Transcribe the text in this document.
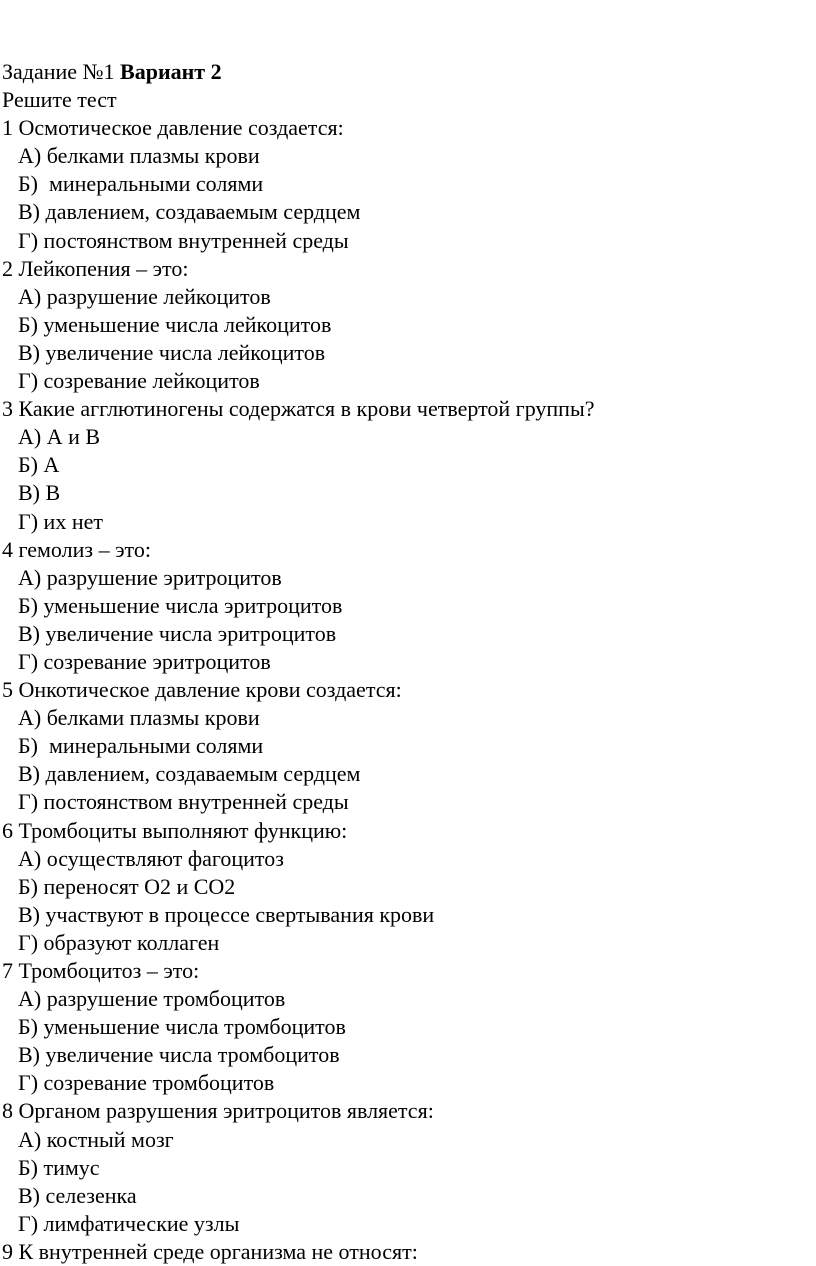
Задание №1 Вариант 2
Решите тест
1 Осмотическое давление создается:
А) белками плазмы крови
Б)  минеральными солями
В) давлением, создаваемым сердцем
Г) постоянством внутренней среды
2 Лейкопения – это:
А) разрушение лейкоцитов
Б) уменьшение числа лейкоцитов
В) увеличение числа лейкоцитов
Г) созревание лейкоцитов
3 Какие агглютиногены содержатся в крови четвертой группы?
А) А и В
Б) А
В) В
Г) их нет
4 гемолиз – это:
А) разрушение эритроцитов
Б) уменьшение числа эритроцитов
В) увеличение числа эритроцитов
Г) созревание эритроцитов
5 Онкотическое давление крови создается:
А) белками плазмы крови
Б)  минеральными солями
В) давлением, создаваемым сердцем
Г) постоянством внутренней среды
6 Тромбоциты выполняют функцию:
А) осуществляют фагоцитоз
Б) переносят О2 и СО2
В) участвуют в процессе свертывания крови
Г) образуют коллаген
7 Тромбоцитоз – это:
А) разрушение тромбоцитов
Б) уменьшение числа тромбоцитов
В) увеличение числа тромбоцитов
Г) созревание тромбоцитов
8 Органом разрушения эритроцитов является:
А) костный мозг
Б) тимус
В) селезенка
Г) лимфатические узлы
9 К внутренней среде организма не относят:
